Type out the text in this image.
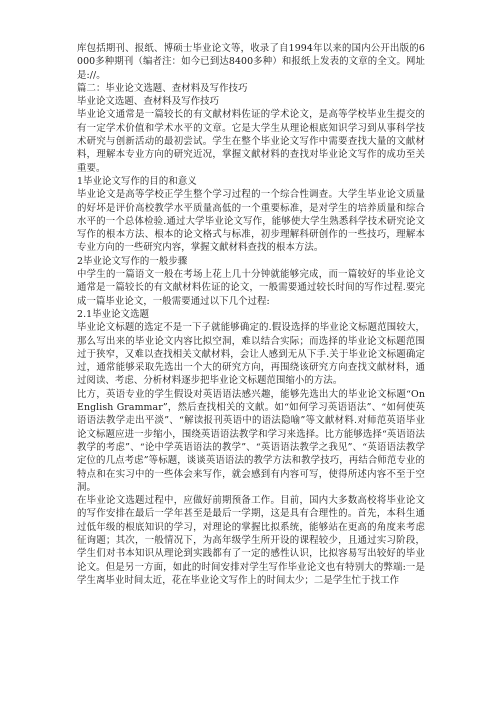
库包括期刊、报纸、博硕士毕业论文等，收录了自1994年以来的国内公开出版的6000多种期刊（编者注：如今已到达8400多种）和报纸上发表的文章的全文。网址是://。

篇二：毕业论文选题、查材料及写作技巧

毕业论文选题、查材料及写作技巧

毕业论文通常是一篇较长的有文献材料佐证的学术论文，是高等学校毕业生提交的有一定学术价值和学术水平的文章。它是大学生从理论根底知识学习到从事科学技术研究与创新活动的最初尝试。学生在整个毕业论文写作中需要查找大量的文献材料，理解本专业方向的研究近况，掌握文献材料的查找对毕业论文写作的成功至关重要。

1毕业论文写作的目的和意义

毕业论文是高等学校正学生整个学习过程的一个综合性调查。大学生毕业论文质量的好坏是评价高校教学水平质量高低的一个重要标准，是对学生的培养质量和综合水平的一个总体检验.通过大学毕业论文写作，能够使大学生熟悉科学技术研究论文写作的根本方法、根本的论文格式与标准，初步理解科研创作的一些技巧，理解本专业方向的一些研究内容，掌握文献材料查找的根本方法。

2毕业论文写作的一般步骤

中学生的一篇语文一般在考场上花上几十分钟就能够完成，而一篇较好的毕业论文通常是一篇较长的有文献材料佐证的论文，一般需要通过较长时间的写作过程.要完成一篇毕业论文，一般需要通过以下几个过程:

2.1毕业论文选题

毕业论文标题的选定不是一下子就能够确定的.假设选择的毕业论文标题范围较大，那么写出来的毕业论文内容比拟空洞，难以结合实际；而选择的毕业论文标题范围过于狭窄，又难以查找相关文献材料，会让人感到无从下手.关于毕业论文标题确定过，通常能够采取先选出一个大的研究方向，再围绕该研究方向查找文献材料，通过阅读、考虑、分析材料逐步把毕业论文标题范围缩小的方法。

比方，英语专业的学生假设对英语语法感兴趣，能够先选出大的毕业论文标题“On English Grammar”，然后查找相关的文献。如“如何学习英语语法”、“如何使英语语法教学走出平淡”、“解读报刊英语中的语法隐喻”等文献材料.对师范英语毕业论文标题应进一步缩小，围绕英语语法教学和学习来选择。比方能够选择“英语语法教学的考虑”、“论中学英语语法的教学”、“英语语法教学之我见”、“英语语法教学定位的几点考虑”等标题，谈谈英语语法的教学方法和教学技巧，再结合师范专业的特点和在实习中的一些体会来写作，就会感到有内容可写，使得所述内容不至于空洞。

在毕业论文选题过程中，应做好前期预备工作。目前，国内大多数高校将毕业论文的写作安排在最后一学年甚至是最后一学期，这是具有合理性的。首先，本科生通过低年级的根底知识的学习，对理论的掌握比拟系统，能够站在更高的角度来考虑征询题；其次，一般情况下，为高年级学生所开设的课程较少，且通过实习阶段，学生们对书本知识从理论到实践都有了一定的感性认识，比拟容易写出较好的毕业论文。但是另一方面，如此的时间安排对学生写作毕业论文也有特别大的弊端:一是学生离毕业时间太近，花在毕业论文写作上的时间太少；二是学生忙于找工作
